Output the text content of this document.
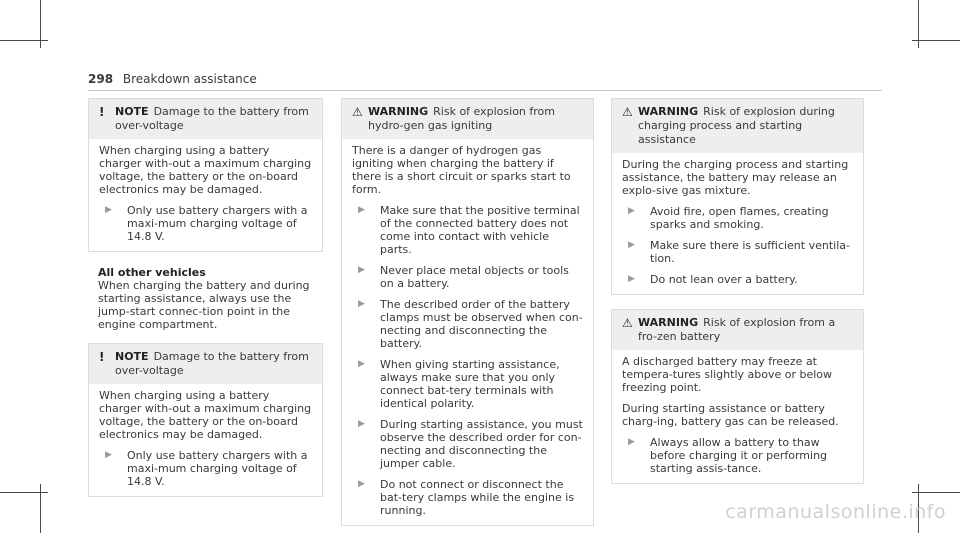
298 Breakdown assistance
! NOTE Damage to the battery from over-voltage

When charging using a battery charger with-out a maximum charging voltage, the battery or the on-board electronics may be damaged.

▶	Only use battery chargers with a maxi-mum charging voltage of 14.8 V.
All other vehicles
When charging the battery and during starting assistance, always use the jump-start connec-tion point in the engine compartment.
! NOTE Damage to the battery from over-voltage

When charging using a battery charger with-out a maximum charging voltage, the battery or the on-board electronics may be damaged.

▶	Only use battery chargers with a maxi-mum charging voltage of 14.8 V.
⚠ WARNING Risk of explosion from hydro-gen gas igniting

There is a danger of hydrogen gas igniting when charging the battery if there is a short circuit or sparks start to form.

▶	Make sure that the positive terminal of the connected battery does not come into contact with vehicle parts.
▶	Never place metal objects or tools on a battery.
▶	The described order of the battery clamps must be observed when con-necting and disconnecting the battery.
▶	When giving starting assistance, always make sure that you only connect bat-tery terminals with identical polarity.
▶	During starting assistance, you must observe the described order for con-necting and disconnecting the jumper cable.
▶	Do not connect or disconnect the bat-tery clamps while the engine is running.
⚠ WARNING Risk of explosion during charging process and starting assistance

During the charging process and starting assistance, the battery may release an explo-sive gas mixture.

▶	Avoid fire, open flames, creating sparks and smoking.
▶	Make sure there is sufficient ventila-tion.
▶	Do not lean over a battery.
⚠ WARNING Risk of explosion from a fro-zen battery

A discharged battery may freeze at tempera-tures slightly above or below freezing point.

During starting assistance or battery charg-ing, battery gas can be released.

▶	Always allow a battery to thaw before charging it or performing starting assis-tance.
carmanualsonline.info
